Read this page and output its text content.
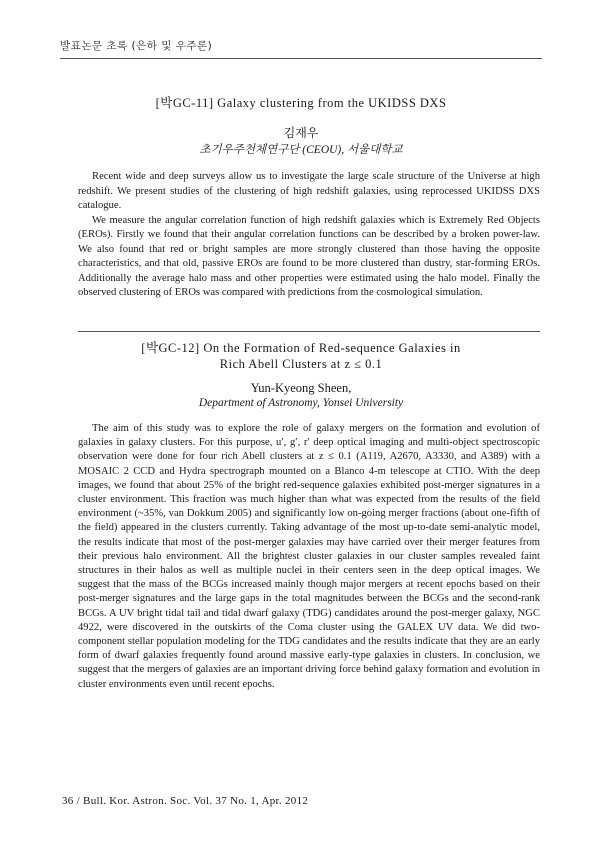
발표논문 초록 (은하 및 우주론)
[박GC-11] Galaxy clustering from the UKIDSS DXS
김재우
초기우주천체연구단 (CEOU), 서울대학교

Recent wide and deep surveys allow us to investigate the large scale structure of the Universe at high redshift. We present studies of the clustering of high redshift galaxies, using reprocessed UKIDSS DXS catalogue.

We measure the angular correlation function of high redshift galaxies which is Extremely Red Objects (EROs). Firstly we found that their angular correlation functions can be described by a broken power-law. We also found that red or bright samples are more strongly clustered than those having the opposite characteristics, and that old, passive EROs are found to be more clustered than dustry, star-forming EROs. Additionally the average halo mass and other properties were estimated using the halo model. Finally the observed clustering of EROs was compared with predictions from the cosmological simulation.

[박GC-12] On the Formation of Red-sequence Galaxies in
Rich Abell Clusters at z ≤ 0.1
Yun-Kyeong Sheen,
Department of Astronomy, Yonsei University

The aim of this study was to explore the role of galaxy mergers on the formation and evolution of galaxies in galaxy clusters. For this purpose, u′, g′, r′ deep optical imaging and multi-object spectroscopic observation were done for four rich Abell clusters at z ≤ 0.1 (A119, A2670, A3330, and A389) with a MOSAIC 2 CCD and Hydra spectrograph mounted on a Blanco 4-m telescope at CTIO. With the deep images, we found that about 25% of the bright red-sequence galaxies exhibited post-merger signatures in a cluster environment. This fraction was much higher than what was expected from the results of the field environment (~35%, van Dokkum 2005) and significantly low on-going merger fractions (about one-fifth of the field) appeared in the clusters currently. Taking advantage of the most up-to-date semi-analytic model, the results indicate that most of the post-merger galaxies may have carried over their merger features from their previous halo environment. All the brightest cluster galaxies in our cluster samples revealed faint structures in their halos as well as multiple nuclei in their centers seen in the deep optical images. We suggest that the mass of the BCGs increased mainly though major mergers at recent epochs based on their post-merger signatures and the large gaps in the total magnitudes between the BCGs and the second-rank BCGs. A UV bright tidal tail and tidal dwarf galaxy (TDG) candidates around the post-merger galaxy, NGC 4922, were discovered in the outskirts of the Coma cluster using the GALEX UV data. We did two-component stellar population modeling for the TDG candidates and the results indicate that they are an early form of dwarf galaxies frequently found around massive early-type galaxies in clusters. In conclusion, we suggest that the mergers of galaxies are an important driving force behind galaxy formation and evolution in cluster environments even until recent epochs.

36 / Bull. Kor. Astron. Soc. Vol. 37 No. 1, Apr. 2012
